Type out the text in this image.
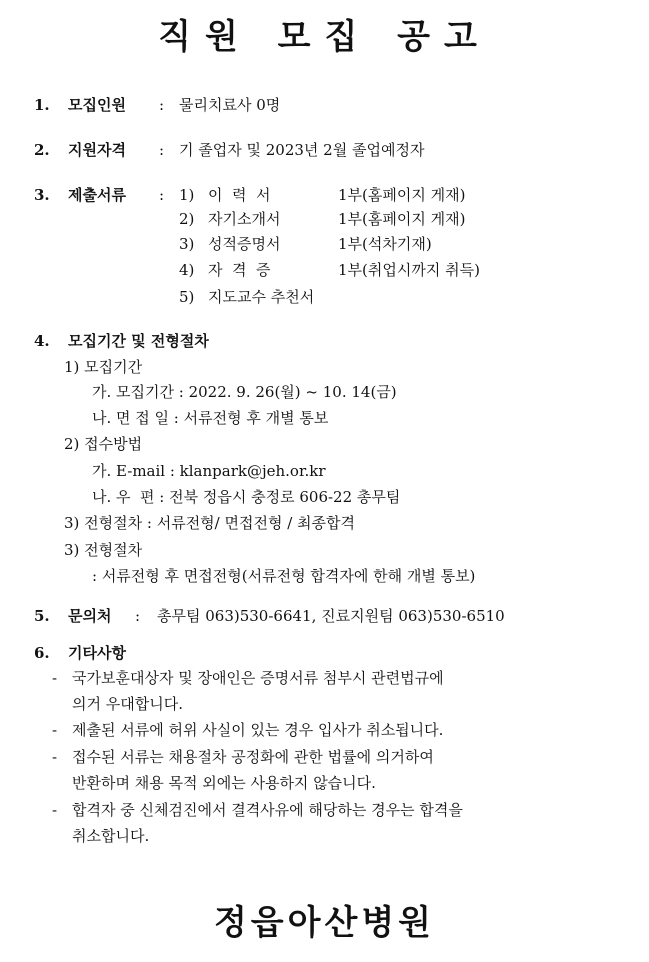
직원 모집 공고
1. 모집인원 : 물리치료사 0명
2. 지원자격 : 기 졸업자 및 2023년 2월 졸업예정자
3. 제출서류 : 1) 이  력  서	1부(홈페이지 게재)
2) 자기소개서	1부(홈페이지 게재)
3) 성적증명서	1부(석차기재)
4) 자  격  증	1부(취업시까지 취득)
5) 지도교수 추천서
4. 모집기간 및 전형절차
1) 모집기간
가. 모집기간 : 2022. 9. 26(월) ~ 10. 14(금)
나. 면 접 일 : 서류전형 후 개별 통보
2) 접수방법
가. E-mail : klanpark@jeh.or.kr
나. 우  편 : 전북 정읍시 충정로 606-22 총무팀
3) 전형절차 : 서류전형/ 면접전형 / 최종합격
3) 전형절차
: 서류전형 후 면접전형(서류전형 합격자에 한해 개별 통보)
5. 문의처 : 총무팀 063)530-6641, 진료지원팀 063)530-6510
6. 기타사항
- 국가보훈대상자 및 장애인은 증명서류 첨부시 관련법규에
의거 우대합니다.
- 제출된 서류에 허위 사실이 있는 경우 입사가 취소됩니다.
- 접수된 서류는 채용절차 공정화에 관한 법률에 의거하여
반환하며 채용 목적 외에는 사용하지 않습니다.
- 합격자 중 신체검진에서 결격사유에 해당하는 경우는 합격을
취소합니다.
정읍아산병원
